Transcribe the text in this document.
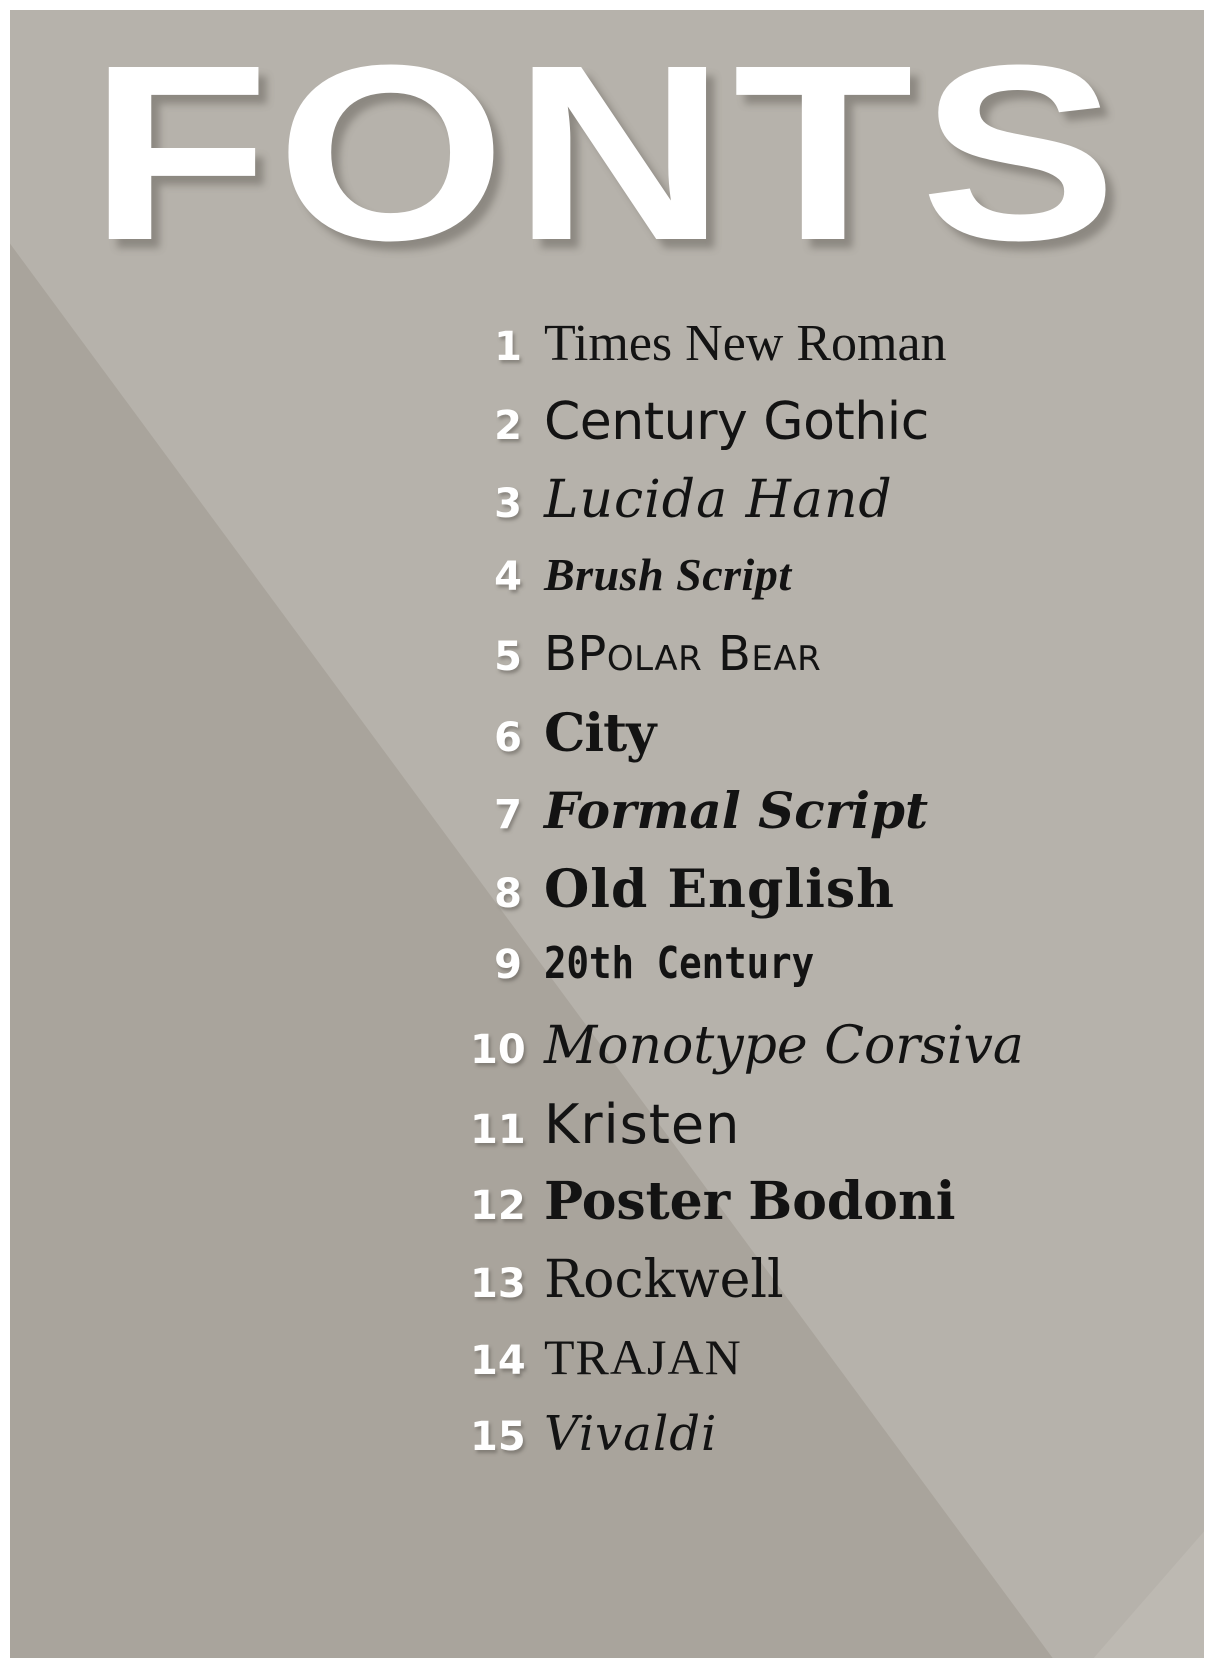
FONTS
1 Times New Roman
2 Century Gothic
3 Lucida Hand
4 Brush Script
5 BPolar Bear
6 City
7 Formal Script
8 Old English
9 20th Century
10 Monotype Corsiva
11 Kristen
12 Poster Bodoni
13 Rockwell
14 TRAJAN
15 Vivaldi
